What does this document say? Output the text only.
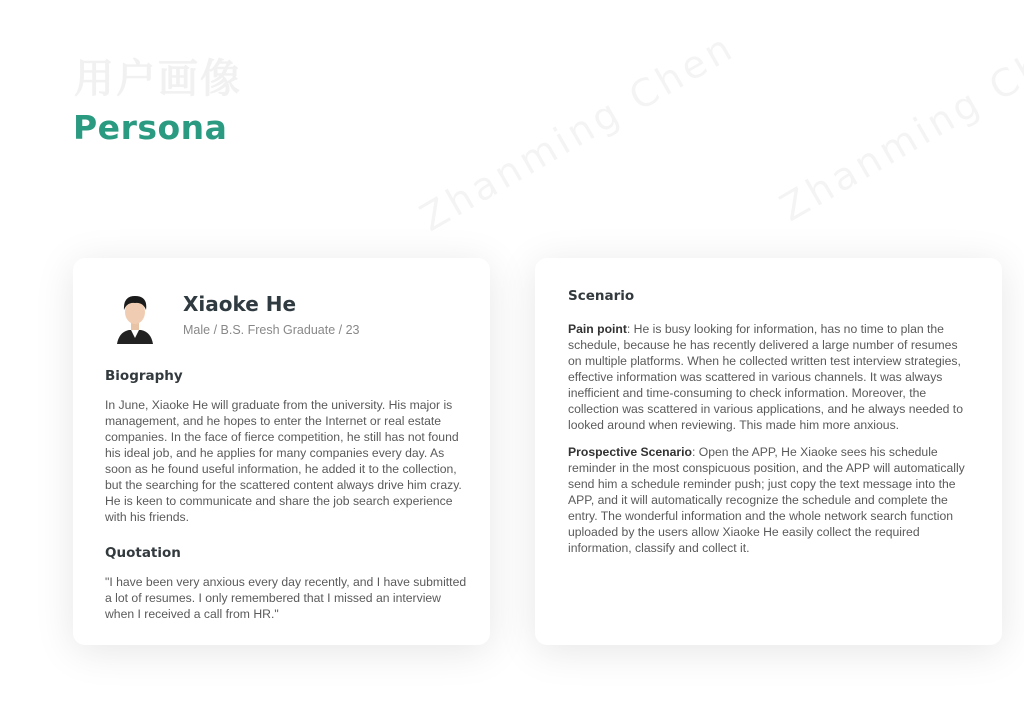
用户画像
Persona
Xiaoke He
Male / B.S. Fresh Graduate / 23
Biography

In June, Xiaoke He will graduate from the university. His major is management, and he hopes to enter the Internet or real estate companies. In the face of fierce competition, he still has not found his ideal job, and he applies for many companies every day. As soon as he found useful information, he added it to the collection, but the searching for the scattered content always drive him crazy. He is keen to communicate and share the job search experience with his friends.

Quotation

"I have been very anxious every day recently, and I have submitted a lot of resumes. I only remembered that I missed an interview when I received a call from HR."

Scenario

Pain point: He is busy looking for information, has no time to plan the schedule, because he has recently delivered a large number of resumes on multiple platforms. When he collected written test interview strategies, effective information was scattered in various channels. It was always inefficient and time-consuming to check information. Moreover, the collection was scattered in various applications, and he always needed to looked around when reviewing. This made him more anxious.

Prospective Scenario: Open the APP, He Xiaoke sees his schedule reminder in the most conspicuous position, and the APP will automatically send him a schedule reminder push; just copy the text message into the APP, and it will automatically recognize the schedule and complete the entry. The wonderful information and the whole network search function uploaded by the users allow Xiaoke He easily collect the required information, classify and collect it.
